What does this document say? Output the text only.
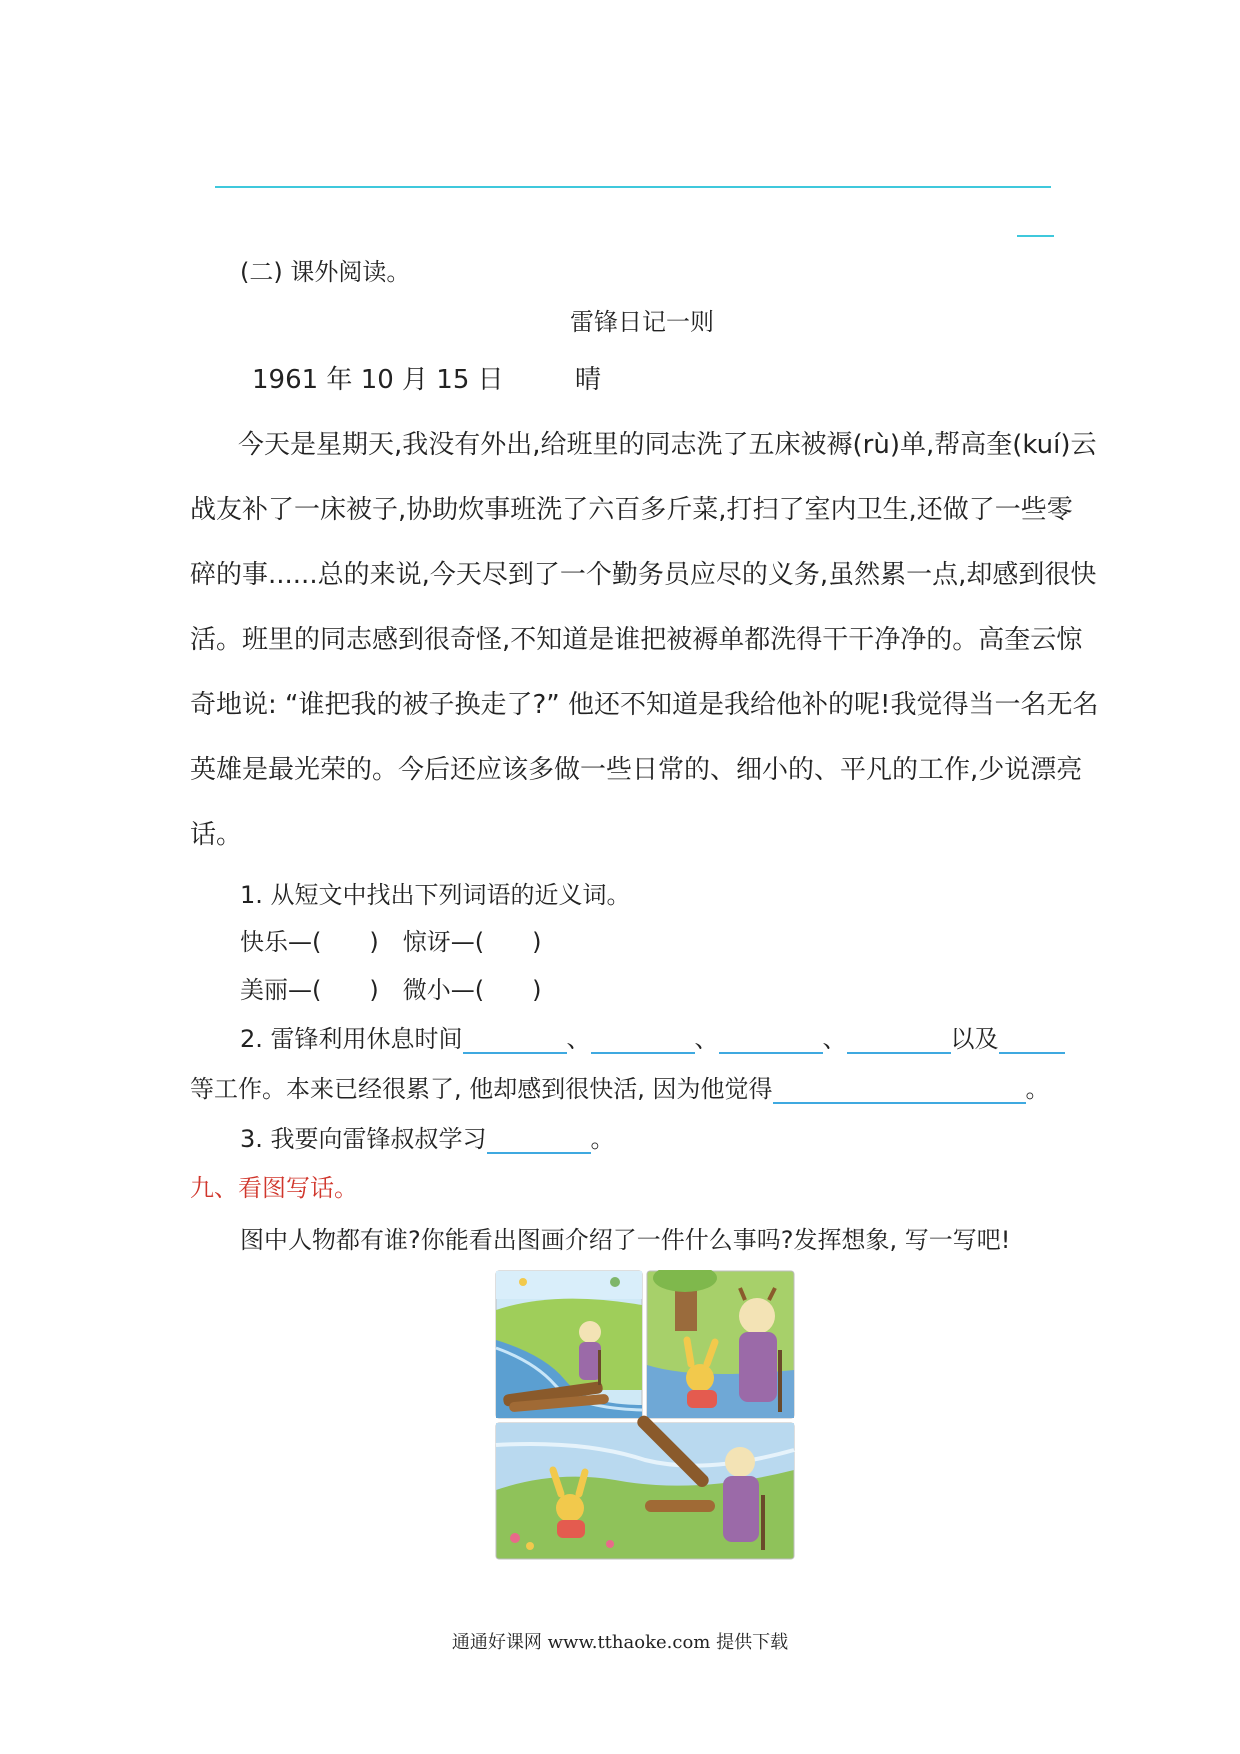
(二) 课外阅读。
雷锋日记一则
1961 年 10 月 15 日	晴
今天是星期天,我没有外出,给班里的同志洗了五床被褥(rù)单,帮高奎(kuí)云
战友补了一床被子,协助炊事班洗了六百多斤菜,打扫了室内卫生,还做了一些零
碎的事......总的来说,今天尽到了一个勤务员应尽的义务,虽然累一点,却感到很快
活。班里的同志感到很奇怪,不知道是谁把被褥单都洗得干干净净的。高奎云惊
奇地说: “谁把我的被子换走了?” 他还不知道是我给他补的呢!我觉得当一名无名
英雄是最光荣的。今后还应该多做一些日常的、细小的、平凡的工作,少说漂亮
话。
1. 从短文中找出下列词语的近义词。
快乐—(　　)　惊讶—(　　)
美丽—(　　)　微小—(　　)
2. 雷锋利用休息时间	、	、	、	以及
等工作。本来已经很累了, 他却感到很快活, 因为他觉得	。
3. 我要向雷锋叔叔学习	。
九、看图写话。
图中人物都有谁?你能看出图画介绍了一件什么事吗?发挥想象, 写一写吧!
通通好课网 www.tthaoke.com 提供下载
